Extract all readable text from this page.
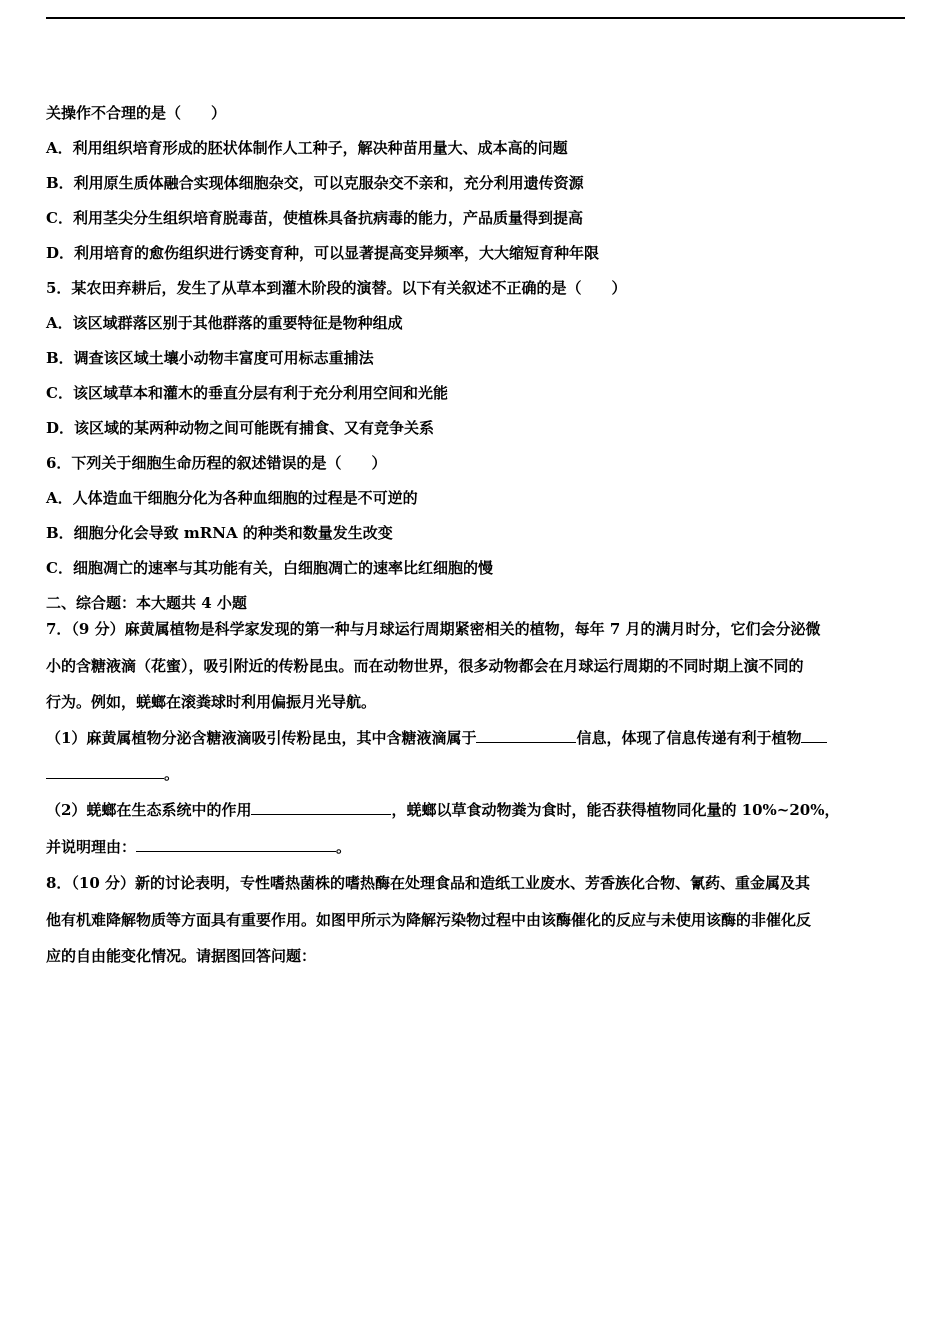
关操作不合理的是（　　）
A．利用组织培育形成的胚状体制作人工种子，解决种苗用量大、成本高的问题
B．利用原生质体融合实现体细胞杂交，可以克服杂交不亲和，充分利用遗传资源
C．利用茎尖分生组织培育脱毒苗，使植株具备抗病毒的能力，产品质量得到提高
D．利用培育的愈伤组织进行诱变育种，可以显著提高变异频率，大大缩短育种年限
5．某农田弃耕后，发生了从草本到灌木阶段的演替。以下有关叙述不正确的是（　　）
A．该区域群落区别于其他群落的重要特征是物种组成
B．调查该区域土壤小动物丰富度可用标志重捕法
C．该区域草本和灌木的垂直分层有利于充分利用空间和光能
D．该区域的某两种动物之间可能既有捕食、又有竞争关系
6．下列关于细胞生命历程的叙述错误的是（　　）
A．人体造血干细胞分化为各种血细胞的过程是不可逆的
B．细胞分化会导致 mRNA 的种类和数量发生改变
C．细胞凋亡的速率与其功能有关，白细胞凋亡的速率比红细胞的慢
二、综合题：本大题共 4 小题
7．（9 分）麻黄属植物是科学家发现的第一种与月球运行周期紧密相关的植物，每年 7 月的满月时分，它们会分泌微
小的含糖液滴（花蜜），吸引附近的传粉昆虫。而在动物世界，很多动物都会在月球运行周期的不同时期上演不同的
行为。例如，蜣螂在滚粪球时利用偏振月光导航。
（1）麻黄属植物分泌含糖液滴吸引传粉昆虫，其中含糖液滴属于	信息，体现了信息传递有利于植物
。
（2）蜣螂在生态系统中的作用	，蜣螂以草食动物粪为食时，能否获得植物同化量的 10%~20%，
并说明理由：	。
8．（10 分）新的讨论表明，专性嗜热菌株的嗜热酶在处理食品和造纸工业废水、芳香族化合物、氰药、重金属及其
他有机难降解物质等方面具有重要作用。如图甲所示为降解污染物过程中由该酶催化的反应与未使用该酶的非催化反
应的自由能变化情况。请据图回答问题：
